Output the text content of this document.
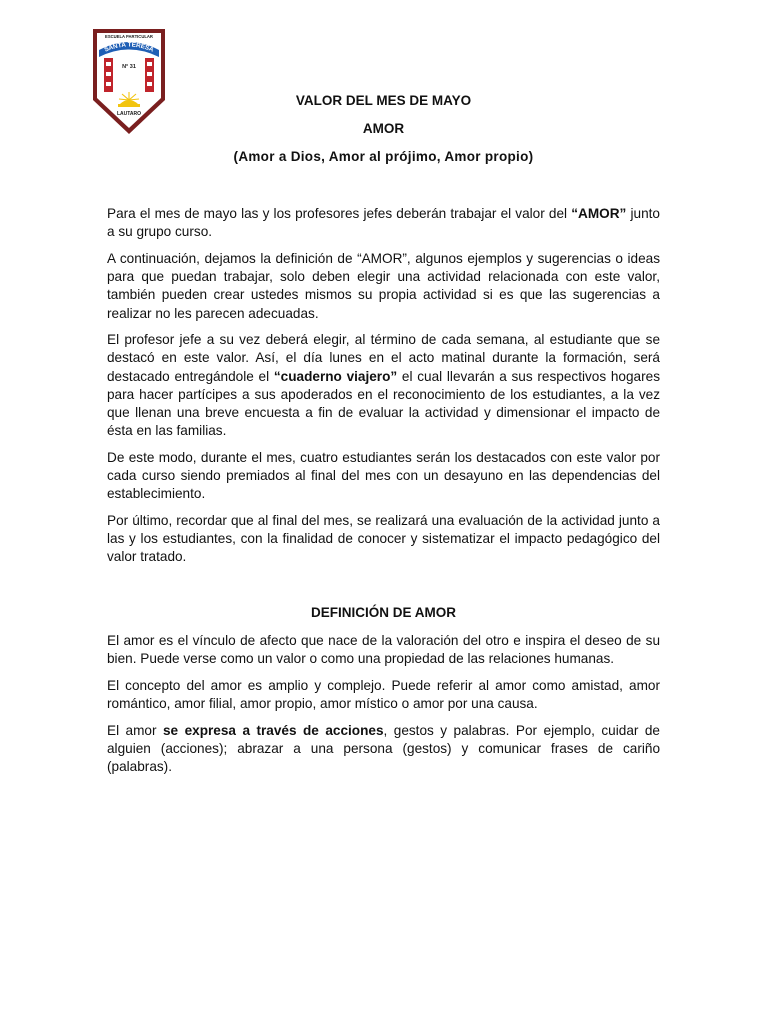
ESCUELA PARTICULAR
SANTA TERESA
N° 31
LAUTARO
VALOR DEL MES DE MAYO
AMOR
(Amor a Dios, Amor al prójimo, Amor propio)

Para el mes de mayo las y los profesores jefes deberán trabajar el valor del “AMOR” junto a su grupo curso.

A continuación, dejamos la definición de “AMOR”, algunos ejemplos y sugerencias o ideas para que puedan trabajar, solo deben elegir una actividad relacionada con este valor, también pueden crear ustedes mismos su propia actividad si es que las sugerencias a realizar no les parecen adecuadas.

El profesor jefe a su vez deberá elegir, al término de cada semana, al estudiante que se destacó en este valor. Así, el día lunes en el acto matinal durante la formación, será destacado entregándole el “cuaderno viajero” el cual llevarán a sus respectivos hogares para hacer partícipes a sus apoderados en el reconocimiento de los estudiantes, a la vez que llenan una breve encuesta a fin de evaluar la actividad y dimensionar el impacto de ésta en las familias.

De este modo, durante el mes, cuatro estudiantes serán los destacados con este valor por cada curso siendo premiados al final del mes con un desayuno en las dependencias del establecimiento.

Por último, recordar que al final del mes, se realizará una evaluación de la actividad junto a las y los estudiantes, con la finalidad de conocer y sistematizar el impacto pedagógico del valor tratado.

DEFINICIÓN DE AMOR

El amor es el vínculo de afecto que nace de la valoración del otro e inspira el deseo de su bien. Puede verse como un valor o como una propiedad de las relaciones humanas.

El concepto del amor es amplio y complejo. Puede referir al amor como amistad, amor romántico, amor filial, amor propio, amor místico o amor por una causa.

El amor se expresa a través de acciones, gestos y palabras. Por ejemplo, cuidar de alguien (acciones); abrazar a una persona (gestos) y comunicar frases de cariño (palabras).
